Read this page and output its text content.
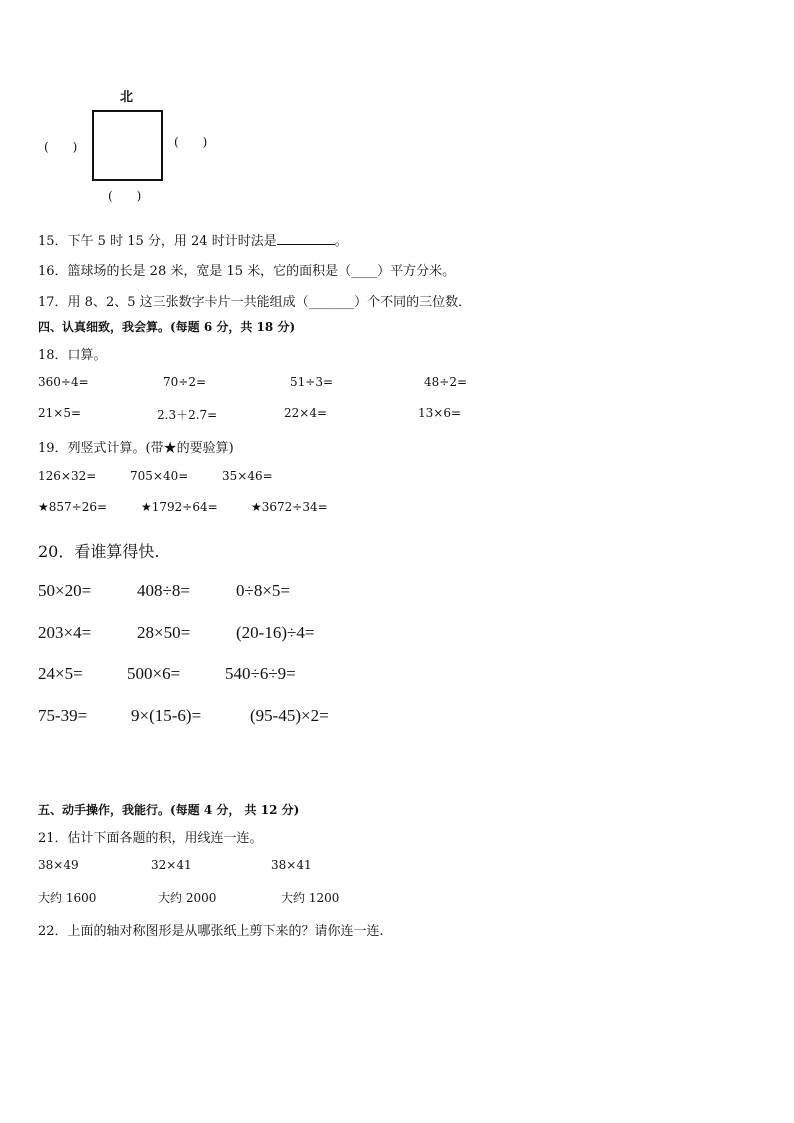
北
(　　)	(　　)
(　　)
15．下午 5 时 15 分，用 24 时计时法是	。
16．篮球场的长是 28 米，宽是 15 米，它的面积是（____）平方分米。
17．用 8、2、5 这三张数字卡片一共能组成（_______）个不同的三位数．
四、认真细致，我会算。(每题 6 分，共 18 分)
18．口算。
360÷4=	70÷2=	51÷3=	48÷2=
21×5=	2.3＋2.7=	22×4=	13×6=
19．列竖式计算。(带★的要验算)
126×32=	705×40=	35×46=
★857÷26=	★1792÷64=	★3672÷34=
20．看谁算得快.
50×20=	408÷8=	0÷8×5=
203×4=	28×50=	(20-16)÷4=
24×5=	500×6=	540÷6÷9=
75-39=	9×(15-6)=	(95-45)×2=
五、动手操作，我能行。(每题 4 分， 共 12 分)
21．估计下面各题的积，用线连一连。
38×49	32×41	38×41
大约 1600	大约 2000	大约 1200
22．上面的轴对称图形是从哪张纸上剪下来的？请你连一连.
